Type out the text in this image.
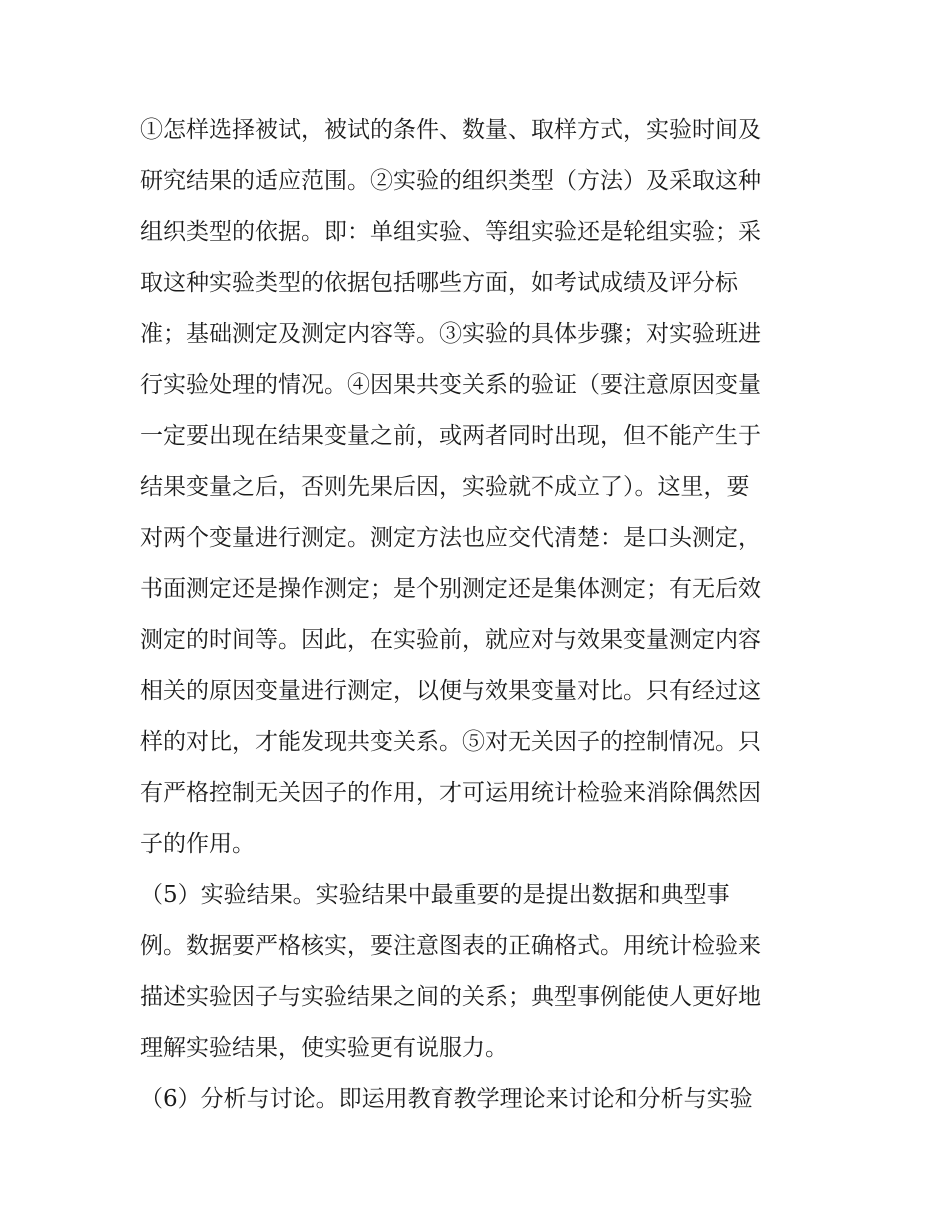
①怎样选择被试，被试的条件、数量、取样方式，实验时间及
研究结果的适应范围。②实验的组织类型（方法）及采取这种
组织类型的依据。即：单组实验、等组实验还是轮组实验；采
取这种实验类型的依据包括哪些方面，如考试成绩及评分标
准；基础测定及测定内容等。③实验的具体步骤；对实验班进
行实验处理的情况。④因果共变关系的验证（要注意原因变量
一定要出现在结果变量之前，或两者同时出现，但不能产生于
结果变量之后，否则先果后因，实验就不成立了）。这里，要
对两个变量进行测定。测定方法也应交代清楚：是口头测定，
书面测定还是操作测定；是个别测定还是集体测定；有无后效
测定的时间等。因此，在实验前，就应对与效果变量测定内容
相关的原因变量进行测定，以便与效果变量对比。只有经过这
样的对比，才能发现共变关系。⑤对无关因子的控制情况。只
有严格控制无关因子的作用，才可运用统计检验来消除偶然因
子的作用。
（5）实验结果。实验结果中最重要的是提出数据和典型事
例。数据要严格核实，要注意图表的正确格式。用统计检验来
描述实验因子与实验结果之间的关系；典型事例能使人更好地
理解实验结果，使实验更有说服力。
（6）分析与讨论。即运用教育教学理论来讨论和分析与实验
